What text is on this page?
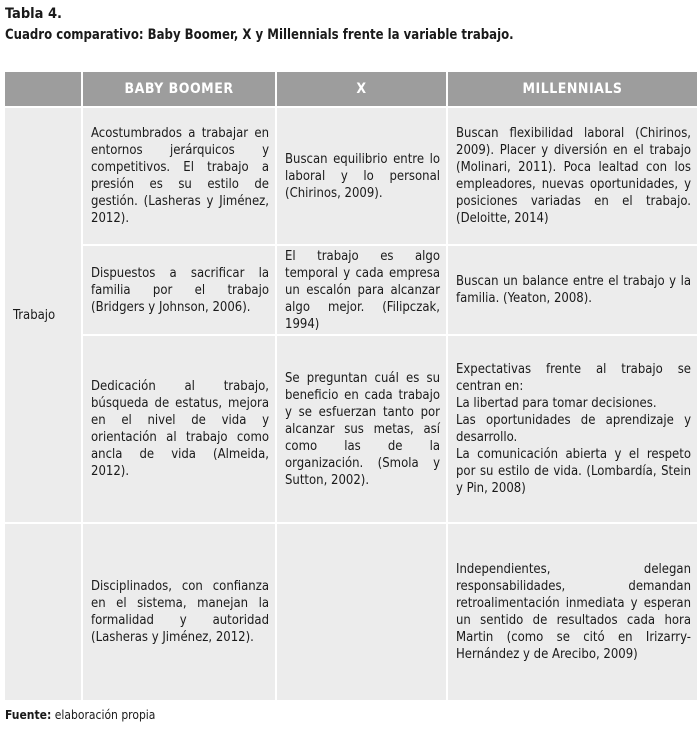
Tabla 4.
Cuadro comparativo: Baby Boomer, X y Millennials frente la variable trabajo.
	BABY BOOMER	X	MILLENNIALS
Trabajo	Acostumbrados a trabajar en entornos jerárquicos y competitivos. El trabajo a presión es su estilo de gestión. (Lasheras y Jiménez, 2012).	Buscan equilibrio entre lo laboral y lo personal (Chirinos, 2009).	Buscan flexibilidad laboral (Chirinos, 2009). Placer y diversión en el trabajo (Molinari, 2011). Poca lealtad con los empleadores, nuevas oportunidades, y posiciones variadas en el trabajo. (Deloitte, 2014)
	Dispuestos a sacrificar la familia por el trabajo (Bridgers y Johnson, 2006).	El trabajo es algo temporal y cada empresa un escalón para alcanzar algo mejor. (Filipczak, 1994)	Buscan un balance entre el trabajo y la familia. (Yeaton, 2008).
	Dedicación al trabajo, búsqueda de estatus, mejora en el nivel de vida y orientación al trabajo como ancla de vida (Almeida, 2012).	Se preguntan cuál es su beneficio en cada trabajo y se esfuerzan tanto por alcanzar sus metas, así como las de la organización. (Smola y Sutton, 2002).	Expectativas frente al trabajo se centran en:
La libertad para tomar decisiones.
Las oportunidades de aprendizaje y desarrollo.
La comunicación abierta y el respeto por su estilo de vida. (Lombardía, Stein y Pin, 2008)
	Disciplinados, con confianza en el sistema, manejan la formalidad y autoridad (Lasheras y Jiménez, 2012).		Independientes, delegan responsabilidades, demandan retroalimentación inmediata y esperan un sentido de resultados cada hora Martin (como se citó en Irizarry-Hernández y de Arecibo, 2009)
Fuente: elaboración propia
